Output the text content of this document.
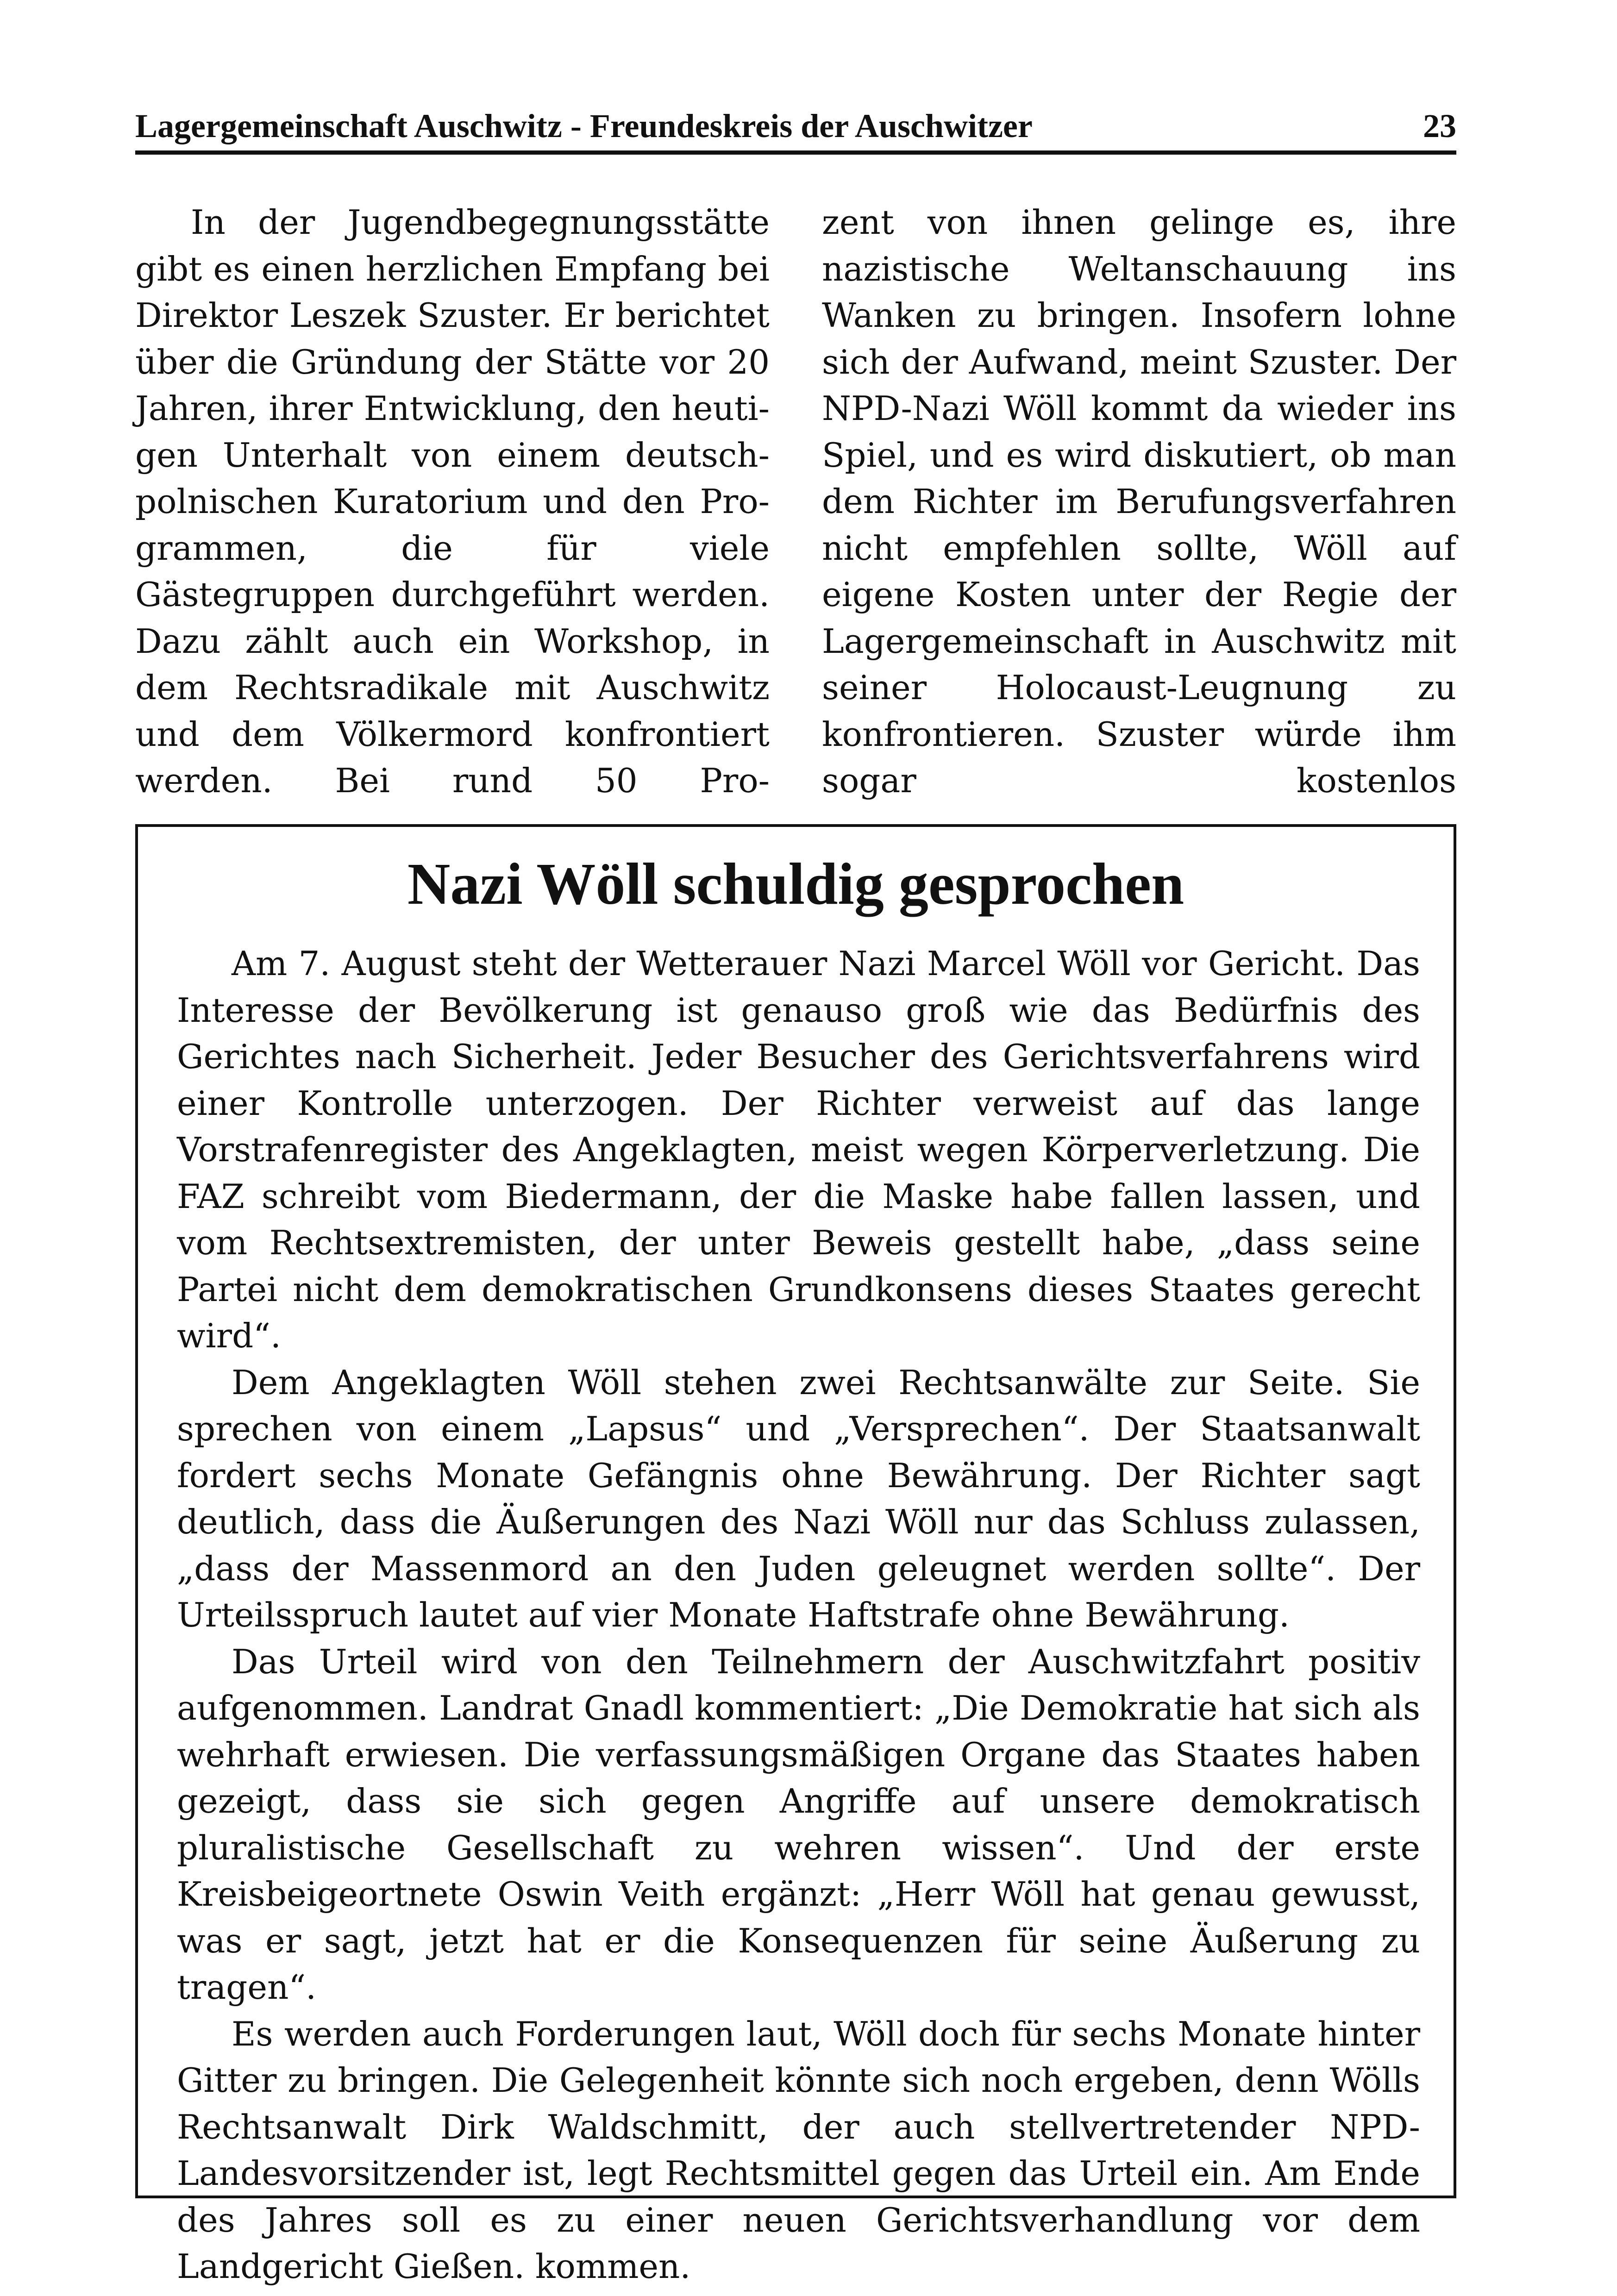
Lagergemeinschaft Auschwitz - Freundeskreis der Auschwitzer	23

In der Jugendbegegnungsstätte gibt es einen herzlichen Empfang bei Direktor Leszek Szuster. Er berichtet über die Gründung der Stätte vor 20 Jahren, ihrer Entwicklung, den heutigen Unterhalt von einem deutsch-polnischen Kuratorium und den Programmen, die für viele Gästegruppen durchgeführt werden. Dazu zählt auch ein Workshop, in dem Rechtsradikale mit Auschwitz und dem Völkermord konfrontiert werden. Bei rund 50 Pro-

zent von ihnen gelinge es, ihre nazistische Weltanschauung ins Wanken zu bringen. Insofern lohne sich der Aufwand, meint Szuster. Der NPD-Nazi Wöll kommt da wieder ins Spiel, und es wird diskutiert, ob man dem Richter im Berufungsverfahren nicht empfehlen sollte, Wöll auf eigene Kosten unter der Regie der Lagergemeinschaft in Auschwitz mit seiner Holocaust-Leugnung zu konfrontieren. Szuster würde ihm sogar kostenlos

Nazi Wöll schuldig gesprochen

Am 7. August steht der Wetterauer Nazi Marcel Wöll vor Gericht. Das Interesse der Bevölkerung ist genauso groß wie das Bedürfnis des Gerichtes nach Sicherheit. Jeder Besucher des Gerichtsverfahrens wird einer Kontrolle unterzogen. Der Richter verweist auf das lange Vorstrafenregister des Angeklagten, meist wegen Körperverletzung. Die FAZ schreibt vom Biedermann, der die Maske habe fallen lassen, und vom Rechtsextremisten, der unter Beweis gestellt habe, „dass seine Partei nicht dem demokratischen Grundkonsens dieses Staates gerecht wird“.

Dem Angeklagten Wöll stehen zwei Rechtsanwälte zur Seite. Sie sprechen von einem „Lapsus“ und „Versprechen“. Der Staatsanwalt fordert sechs Monate Gefängnis ohne Bewährung. Der Richter sagt deutlich, dass die Äußerungen des Nazi Wöll nur das Schluss zulassen, „dass der Massenmord an den Juden geleugnet werden sollte“. Der Urteilsspruch lautet auf vier Monate Haftstrafe ohne Bewährung.

Das Urteil wird von den Teilnehmern der Auschwitzfahrt positiv aufgenommen. Landrat Gnadl kommentiert: „Die Demokratie hat sich als wehrhaft erwiesen. Die verfassungsmäßigen Organe das Staates haben gezeigt, dass sie sich gegen Angriffe auf unsere demokratisch pluralistische Gesellschaft zu wehren wissen“. Und der erste Kreisbeigeortnete Oswin Veith ergänzt: „Herr Wöll hat genau gewusst, was er sagt, jetzt hat er die Konsequenzen für seine Äußerung zu tragen“.

Es werden auch Forderungen laut, Wöll doch für sechs Monate hinter Gitter zu bringen. Die Gelegenheit könnte sich noch ergeben, denn Wölls Rechtsanwalt Dirk Waldschmitt, der auch stellvertretender NPD-Landesvorsitzender ist, legt Rechtsmittel gegen das Urteil ein. Am Ende des Jahres soll es zu einer neuen Gerichtsverhandlung vor dem Landgericht Gießen. kommen.
